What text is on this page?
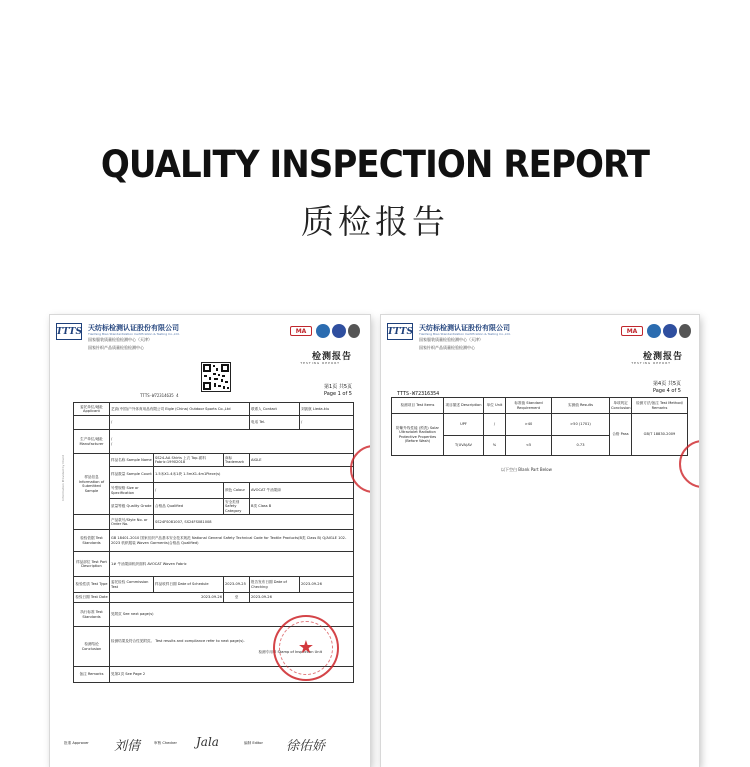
QUALITY INSPECTION REPORT
质检报告
TTTS 天纺标检测认证股份有限公司
Tianfang Biao Standardization Certification & Testing Co.,Ltd.
国家服装质量检验检测中心（天津）
国家针织产品质量检验检测中心
MA
检测报告
TESTING REPORT
TTTS-W72314635 4
第1页 共5页
Page 1 of 5
Information Provided by Client
委托单位/地址 Applicant	艺高(中国)户外体育用品有限公司 Eigle (China) Outdoor Sports Co.,Ltd			联系人 Contact	刘凯航 Lieda.kiu
	/			电话 Tel.	/
生产单位/地址 Manufacturer	/
/				

样品信息 Information of Submitted Sample	样品名称 Sample Name	SS24-AA Shirts 上衣 Top-面料 Fabric:19902018	商标 Trademark	AIGLE	
	样品数量 Sample Count	1.5米X1.4米1块 1.5mX1.4m1Piece(s)			
	号型规格 Size or Specification	/	颜色 Colour	AVOCAT 牛油果绿	
	质量等级 Quality Grade	合格品 Qualified	安全类别 Safety Category	B类 Class B	
	产品款号/Style No. or Order No.	SS24FS081007, SS24FS081008			
检验依据 Test Standards	GB 18401-2010 国家纺织产品基本安全技术规范 National General Safety Technical Code for Textile Products(B类 Class B) Q/AIGLE 102-2023 机织服装 Woven Garments(合格品 Qualified)				
样品部位 Test Part Description	1# 牛油果绿机织面料 AVOCAT Woven Fabric				
检验性质 Test Type	委托检验 Commission Test	样品收样日期 Date of Schedule	2023-09-25	报告发布日期 Date of Checking	2023-09-26
检验日期 Test Date	2023-09-26		至	2023-09-26	
执行标准 Test Standards	见附页 See next page(s)				
检测结论 Conclusion	检测结果及符合性见附页。 Test results and compliance refer to next page(s).
检测专用章 Stamp of Inspection Unit				

备注 Remarks	见第2页 See Page 2				
★
批准 Approver 刘倩	审核 Checker Jala	编制 Editor 徐佑娇
TTTS 天纺标检测认证股份有限公司
Tianfang Biao Standardization Certification & Testing Co.,Ltd.
国家服装质量检验检测中心（天津）
国家针织产品质量检验检测中心
MA
检测报告
TESTING REPORT
第4页 共5页
Page 4 of 5
TTTS-W72316354
检测项目 Test Items	项目描述 Description	单位 Unit	标准值 Standard Requirement	实测值 Results	单项判定 Conclusion	检测方法/备注 Test Method/ Remarks
防紫外线性能 (预洗) Solar Ultraviolet Radiation Protective Properties (Before Wash)	UPF	/	>40	>50 (1701)	合格 Pass	GB/T 18830-2009
	T(UVA)AV	%	<5	0.73		
以下空白 Blank Part Below
